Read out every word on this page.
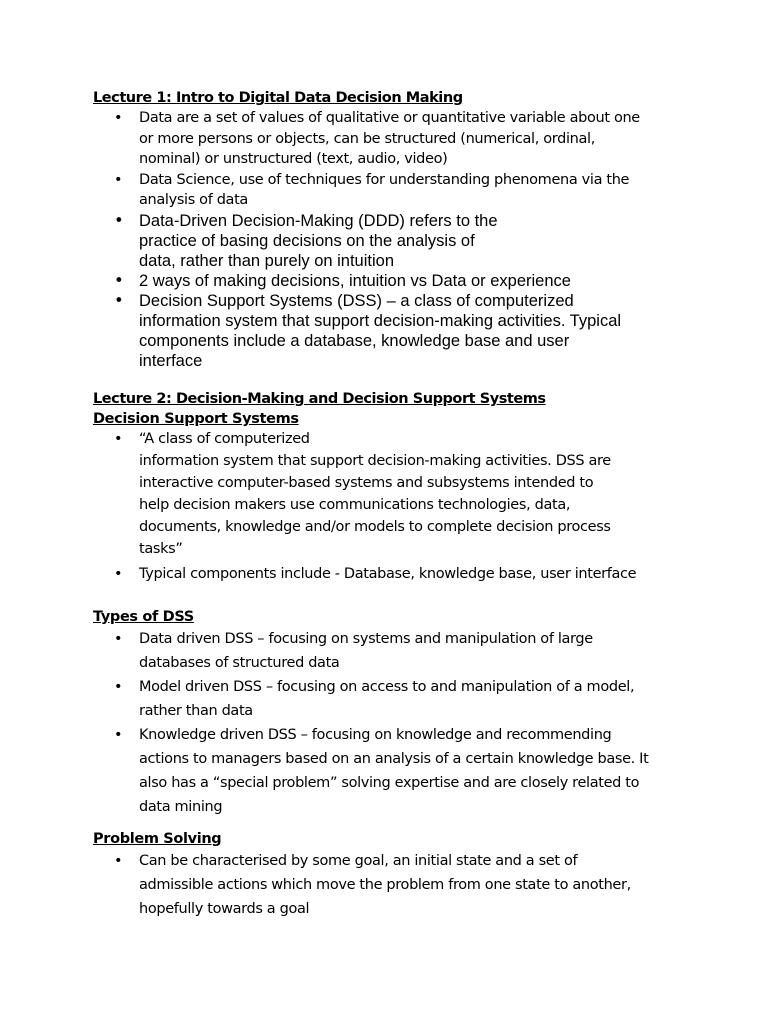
Lecture 1: Intro to Digital Data Decision Making
• Data are a set of values of qualitative or quantitative variable about one
or more persons or objects, can be structured (numerical, ordinal,
nominal) or unstructured (text, audio, video)
• Data Science, use of techniques for understanding phenomena via the
analysis of data
• Data-Driven Decision-Making (DDD) refers to the
practice of basing decisions on the analysis of
data, rather than purely on intuition
• 2 ways of making decisions, intuition vs Data or experience
• Decision Support Systems (DSS) – a class of computerized
information system that support decision-making activities. Typical
components include a database, knowledge base and user
interface
Lecture 2: Decision-Making and Decision Support Systems
Decision Support Systems
• “A class of computerized
information system that support decision-making activities. DSS are
interactive computer-based systems and subsystems intended to
help decision makers use communications technologies, data,
documents, knowledge and/or models to complete decision process
tasks”
• Typical components include - Database, knowledge base, user interface
Types of DSS
• Data driven DSS – focusing on systems and manipulation of large
databases of structured data
• Model driven DSS – focusing on access to and manipulation of a model,
rather than data
• Knowledge driven DSS – focusing on knowledge and recommending
actions to managers based on an analysis of a certain knowledge base. It
also has a “special problem” solving expertise and are closely related to
data mining
Problem Solving
• Can be characterised by some goal, an initial state and a set of
admissible actions which move the problem from one state to another,
hopefully towards a goal
